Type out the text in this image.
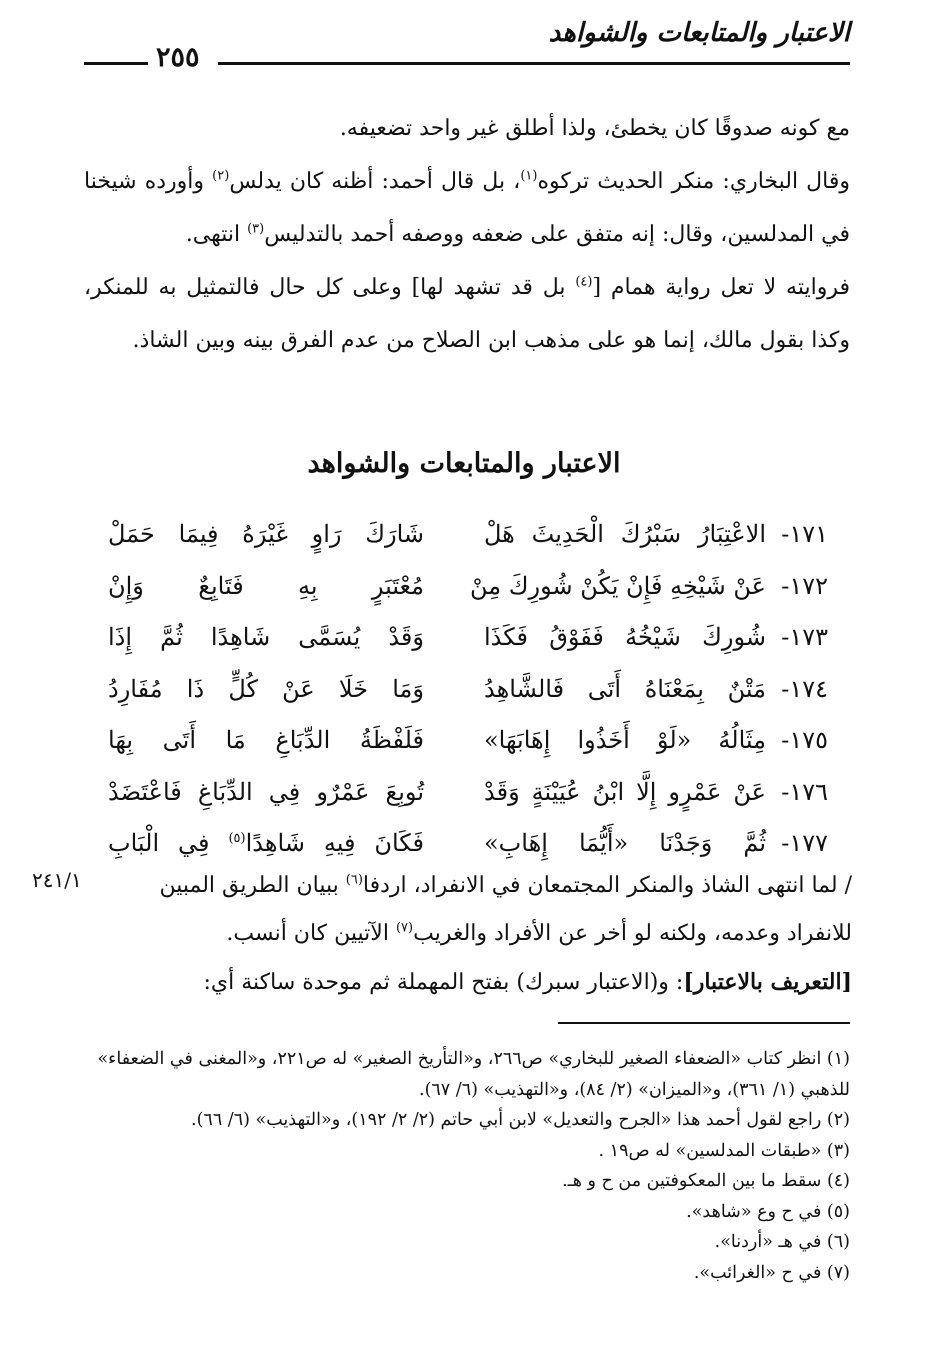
الاعتبار والمتابعات والشواهد
٢٥٥

مع كونه صدوقًا كان يخطئ، ولذا أطلق غير واحد تضعيفه.

وقال البخاري: منكر الحديث تركوه$^{(١)}$، بل قال أحمد: أظنه كان يدلس$^{(٢)}$ وأورده شيخنا في المدلسين، وقال: إنه متفق على ضعفه ووصفه أحمد بالتدليس$^{(٣)}$ انتهى.

فروايته لا تعل رواية همام [$^{(٤)}$ بل قد تشهد لها] وعلى كل حال فالتمثيل به للمنكر، وكذا بقول مالك، إنما هو على مذهب ابن الصلاح من عدم الفرق بينه وبين الشاذ.

الاعتبار والمتابعات والشواهد
١٧١-
الاعْتِبَارُ سَبْرُكَ الْحَدِيثَ هَلْ
شَارَكَ رَاوٍ غَيْرَهُ فِيمَا حَمَلْ
١٧٢-
عَنْ شَيْخِهِ فَإِنْ يَكُنْ شُورِكَ مِنْ
مُعْتَبَرٍ بِهِ فَتَابِعٌ وَإِنْ
١٧٣-
شُورِكَ شَيْخُهُ فَفَوْقُ فَكَذَا
وَقَدْ يُسَمَّى شَاهِدًا ثُمَّ إِذَا
١٧٤-
مَتْنٌ بِمَعْنَاهُ أَتَى فَالشَّاهِدُ
وَمَا خَلَا عَنْ كُلٍّ ذَا مُفَارِدُ
١٧٥-
مِثَالُهُ «لَوْ أَخَذُوا إِهَابَهَا»
فَلَفْظَةُ الدِّبَاغِ مَا أَتَى بِهَا
١٧٦-
عَنْ عَمْرٍو إِلَّا ابْنُ عُيَيْنَةٍ وَقَدْ
تُوبِعَ عَمْرٌو فِي الدِّبَاغِ فَاعْتَضَدْ
١٧٧-
ثُمَّ وَجَدْنَا «أَيُّمَا إِهَابِ»
فَكَانَ فِيهِ شَاهِدًا$^{(٥)}$ فِي الْبَابِ

/ لما انتهى الشاذ والمنكر المجتمعان في الانفراد، اردفا$^{(٦)}$ ببيان الطريق المبين

للانفراد وعدمه، ولكنه لو أخر عن الأفراد والغريب$^{(٧)}$ الآتيين كان أنسب.

[التعريف بالاعتبار]: و(الاعتبار سبرك) بفتح المهملة ثم موحدة ساكنة أي:

٢٤١/١
(١) انظر كتاب «الضعفاء الصغير للبخاري» ص٢٦٦، و«التأريخ الصغير» له ص٢٢١، و«المغنى في الضعفاء» للذهبي (١/ ٣٦١)، و«الميزان» (٢/ ٨٤)، و«التهذيب» (٦/ ٦٧).
(٢) راجع لقول أحمد هذا «الجرح والتعديل» لابن أبي حاتم (٢/ ٢/ ١٩٢)، و«التهذيب» (٦/ ٦٦).
(٣) «طبقات المدلسين» له ص١٩ .
(٤) سقط ما بين المعكوفتين من ح و هـ.
(٥) في ح وع «شاهد».
(٦) في هـ «أردنا».
(٧) في ح «الغرائب».
